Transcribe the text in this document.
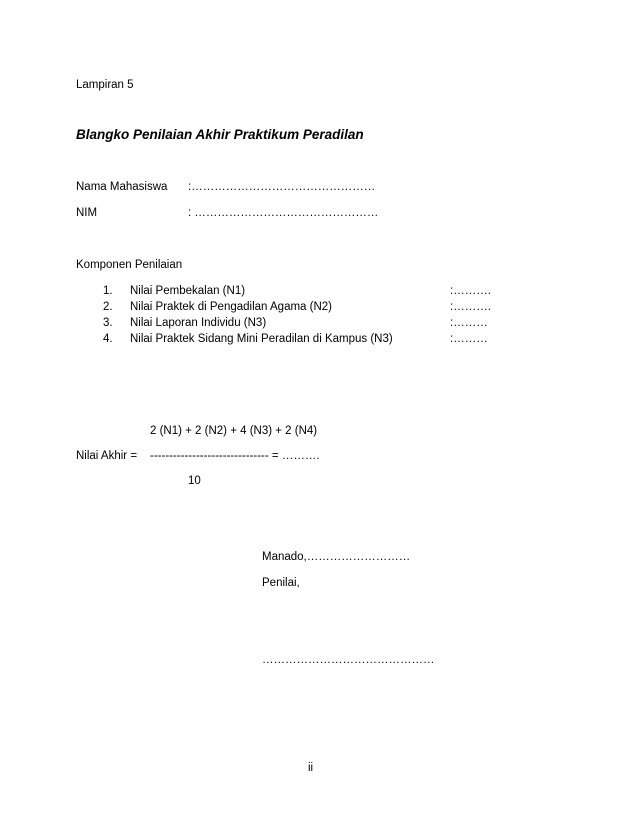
Lampiran 5
Blangko Penilaian Akhir Praktikum Peradilan
Nama Mahasiswa :…………………………………………
NIM	: …………………………………………
Komponen Penilaian
1. Nilai Pembekalan (N1)	:……….
2. Nilai Praktek di Pengadilan Agama (N2)	:……….
3. Nilai Laporan Individu (N3)	:………
4. Nilai Praktek Sidang Mini Peradilan di Kampus (N3)	:………
2 (N1) + 2 (N2) + 4 (N3) + 2 (N4)
Nilai Akhir = ------------------------------- = ……….
10
Manado,………………………
Penilai,
………………………………………
ii
